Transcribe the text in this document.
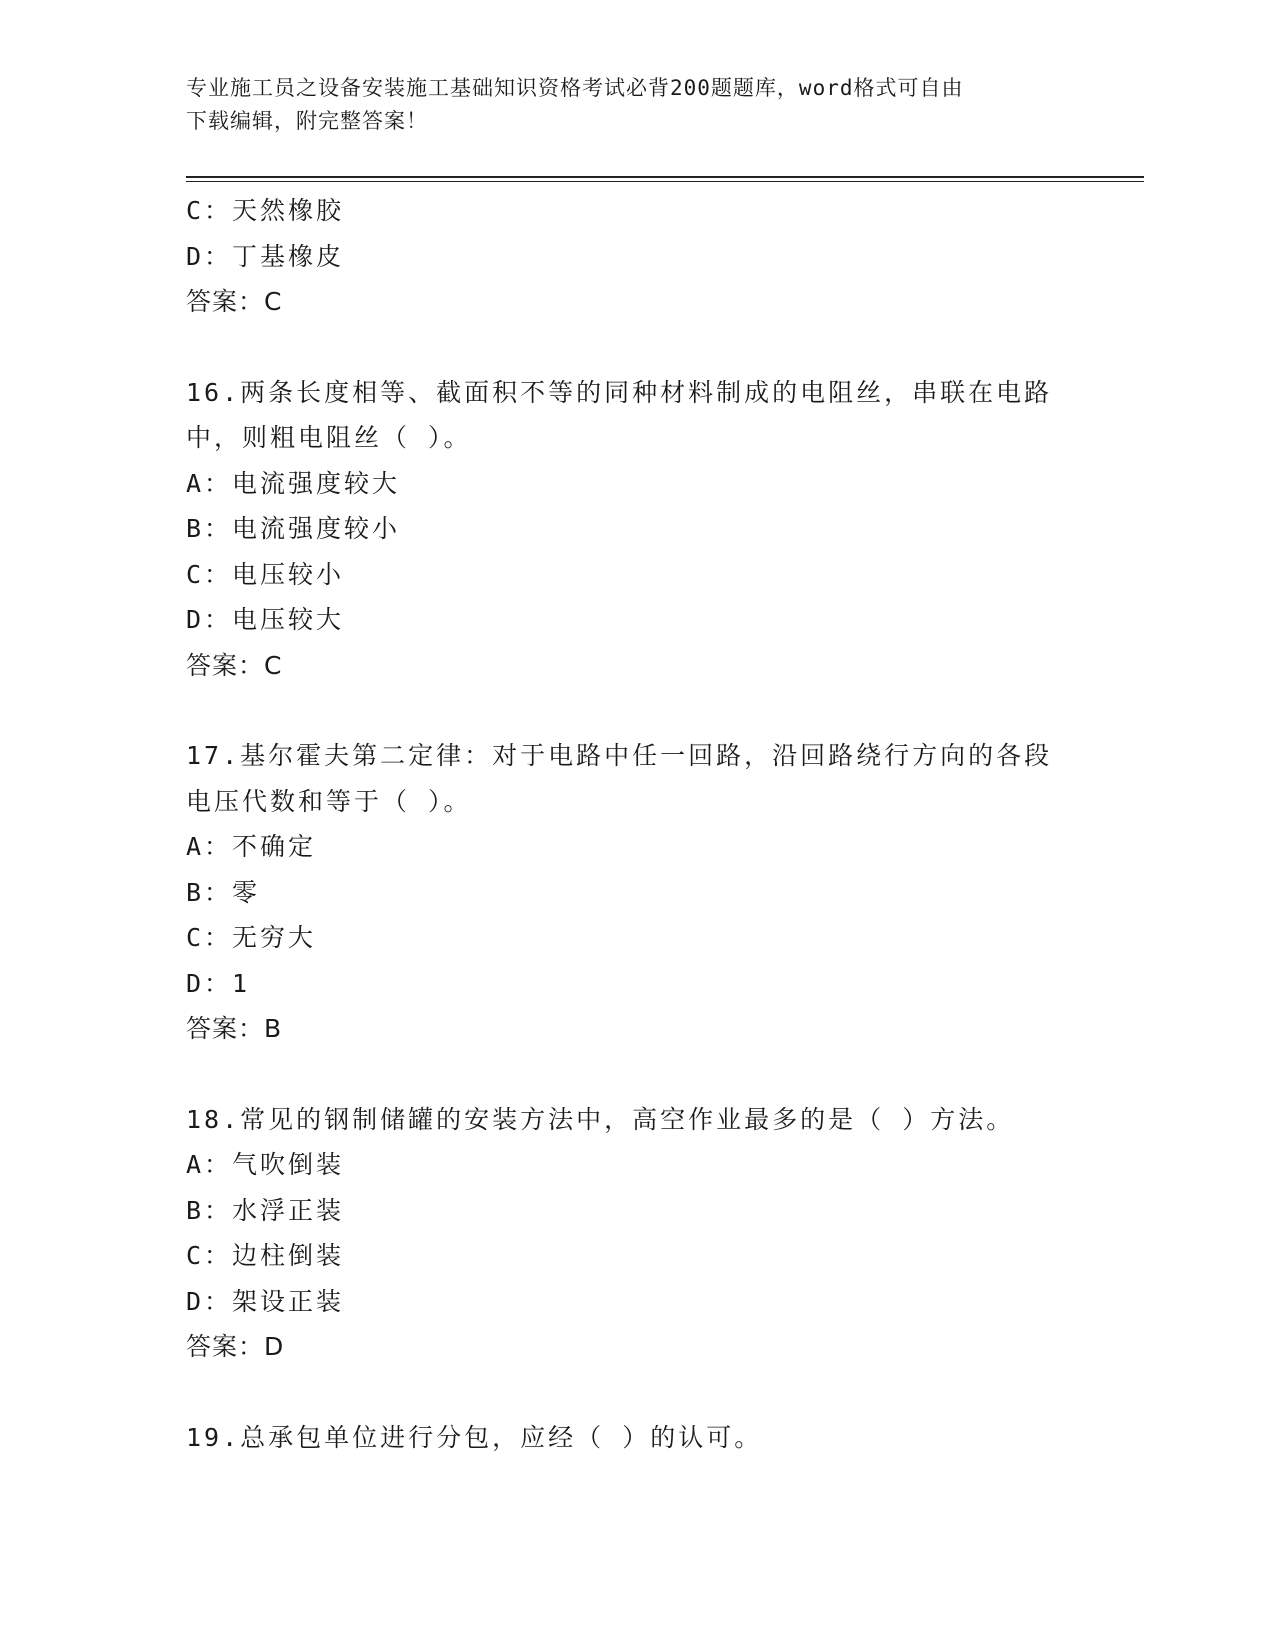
专业施工员之设备安装施工基础知识资格考试必背200题题库，word格式可自由
下载编辑，附完整答案！
C：天然橡胶
D：丁基橡皮
答案：C
16.两条长度相等、截面积不等的同种材料制成的电阻丝，串联在电路
中，则粗电阻丝（ ）。
A：电流强度较大
B：电流强度较小
C：电压较小
D：电压较大
答案：C
17.基尔霍夫第二定律：对于电路中任一回路，沿回路绕行方向的各段
电压代数和等于（ ）。
A：不确定
B：零
C：无穷大
D：1
答案：B
18.常见的钢制储罐的安装方法中，高空作业最多的是（ ）方法。
A：气吹倒装
B：水浮正装
C：边柱倒装
D：架设正装
答案：D
19.总承包单位进行分包，应经（ ）的认可。
